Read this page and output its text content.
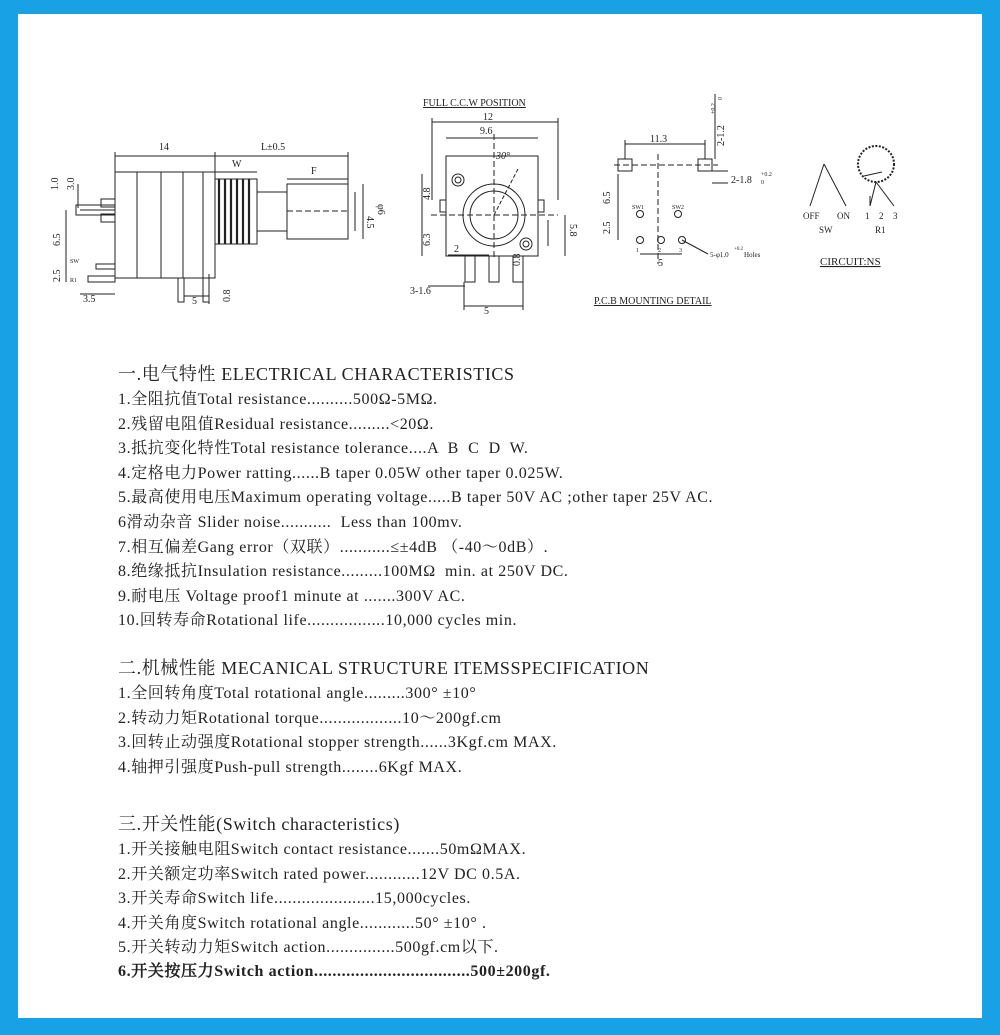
14	L±0.5
W
F
1.0 3.0
6.5
2.5
4.5
φ6
3.5	5	0.8
SW
R1
FULL C.C.W POSITION
12
9.6
30°
4.8
6.3
2
0.8
5.8
3-1.6
5
11.3	2-1.2
+0.2
0
2-1.8 +0.2
0
6.5
2.5
5
SW1	SW2
1	2	3	5-φ1.0
+0.2
Holes
P.C.B MOUNTING DETAIL
OFF ON 1 2 3
SW	R1
CIRCUIT:NS
一.电气特性 ELECTRICAL CHARACTERISTICS
1.全阻抗值Total resistance..........500Ω-5MΩ.
2.残留电阻值Residual resistance.........<20Ω.
3.抵抗变化特性Total resistance tolerance....A  B  C  D  W.
4.定格电力Power ratting......B taper 0.05W other taper 0.025W.
5.最高使用电压Maximum operating voltage.....B taper 50V AC ;other taper 25V AC.
6滑动杂音 Slider noise...........  Less than 100mv.
7.相互偏差Gang error（双联）...........≤±4dB （-40～0dB）.
8.绝缘抵抗Insulation resistance.........100MΩ  min. at 250V DC.
9.耐电压 Voltage proof1 minute at .......300V AC.
10.回转寿命Rotational life.................10,000 cycles min.
二.机械性能 MECANICAL STRUCTURE ITEMSSPECIFICATION
1.全回转角度Total rotational angle.........300° ±10°
2.转动力矩Rotational torque..................10～200gf.cm
3.回转止动强度Rotational stopper strength......3Kgf.cm MAX.
4.轴押引强度Push-pull strength........6Kgf MAX.
三.开关性能(Switch characteristics)
1.开关接触电阻Switch contact resistance.......50mΩMAX.
2.开关额定功率Switch rated power............12V DC 0.5A.
3.开关寿命Switch life......................15,000cycles.
4.开关角度Switch rotational angle............50° ±10° .
5.开关转动力矩Switch action...............500gf.cm以下.
6.开关按压力Switch action..................................500±200gf.
